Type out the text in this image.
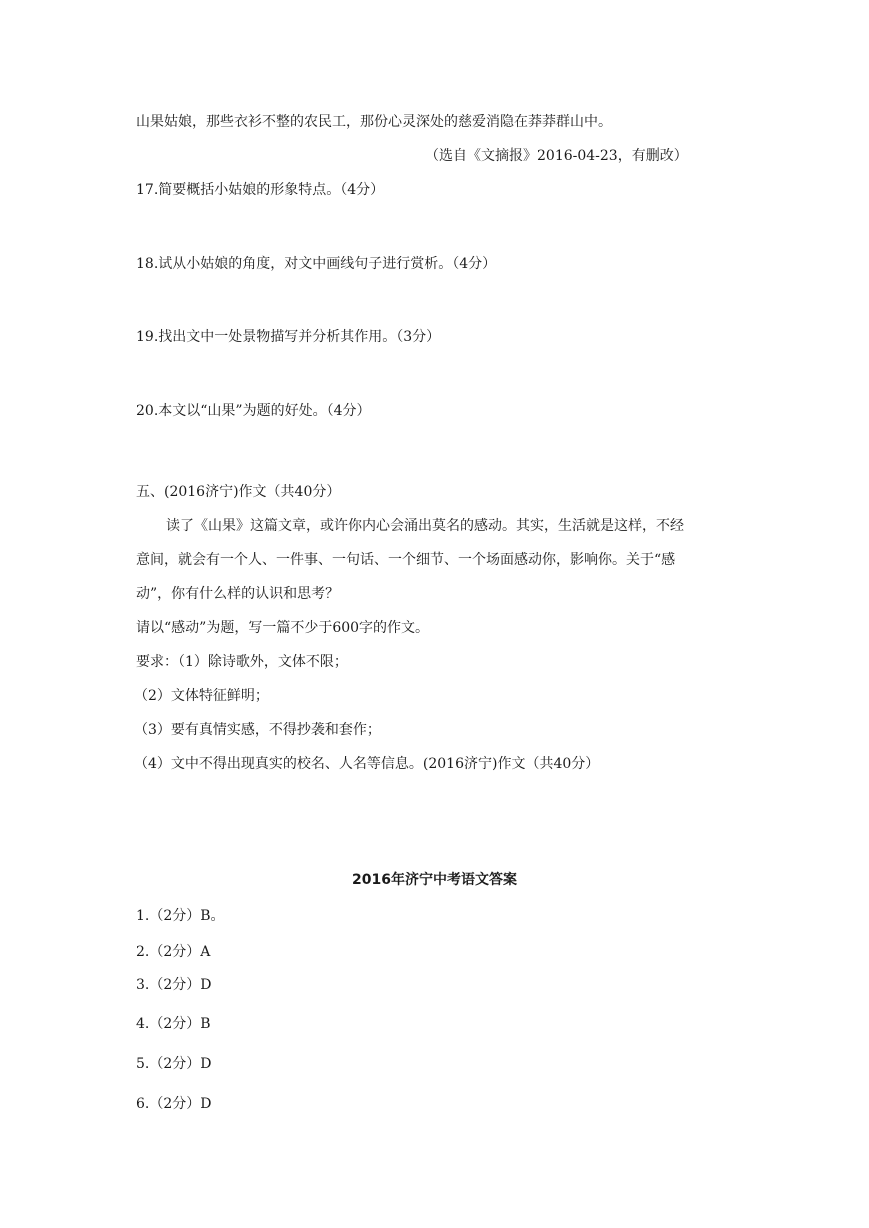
山果姑娘，那些衣衫不整的农民工，那份心灵深处的慈爱消隐在莽莽群山中。
（选自《文摘报》2016-04-23，有删改）
17.简要概括小姑娘的形象特点。（4分）
18.试从小姑娘的角度，对文中画线句子进行赏析。（4分）
19.找出文中一处景物描写并分析其作用。（3分）
20.本文以“山果”为题的好处。（4分）
五、(2016济宁)作文（共40分）
读了《山果》这篇文章，或许你内心会涌出莫名的感动。其实，生活就是这样，不经
意间，就会有一个人、一件事、一句话、一个细节、一个场面感动你，影响你。关于“感
动”，你有什么样的认识和思考？
请以“感动”为题，写一篇不少于600字的作文。
要求：（1）除诗歌外，文体不限；
（2）文体特征鲜明；
（3）要有真情实感，不得抄袭和套作；
（4）文中不得出现真实的校名、人名等信息。(2016济宁)作文（共40分）
2016年济宁中考语文答案
1.（2分）B。
2.（2分）A
3.（2分）D
4.（2分）B
5.（2分）D
6.（2分）D
